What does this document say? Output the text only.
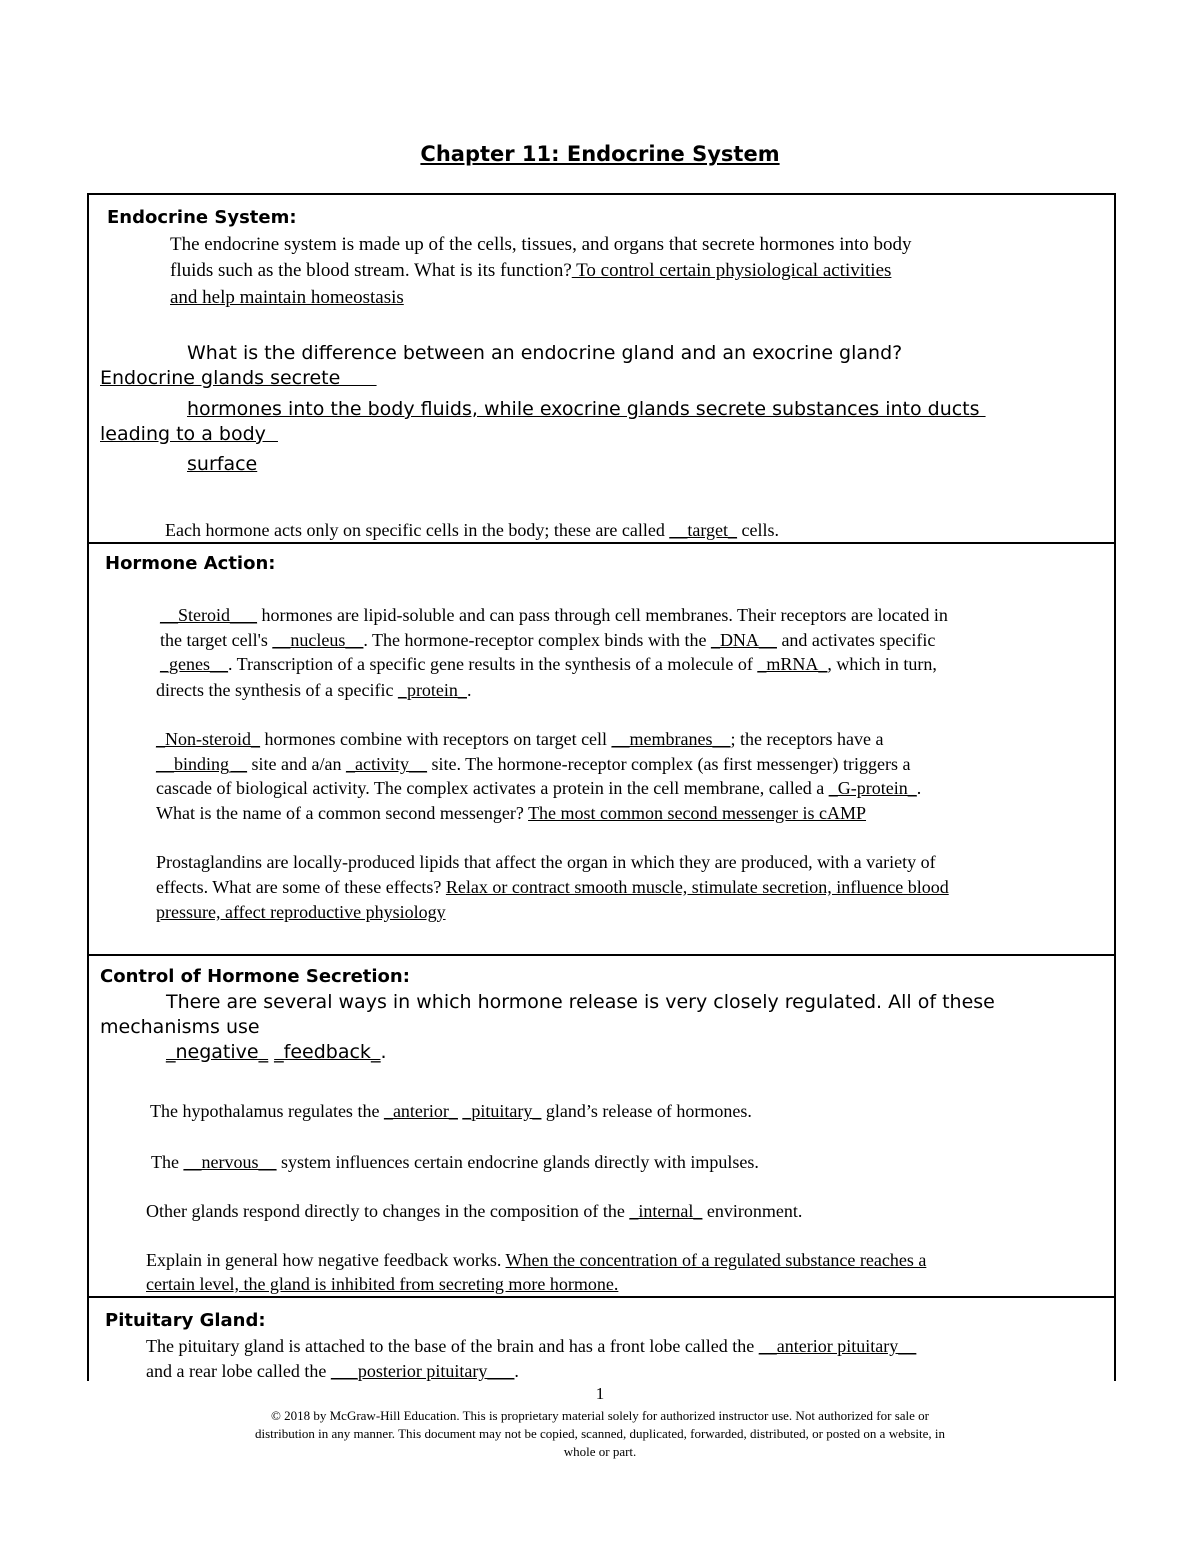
Chapter 11: Endocrine System
Endocrine System:
The endocrine system is made up of the cells, tissues, and organs that secrete hormones into body
fluids such as the blood stream. What is its function? To control certain physiological activities
and help maintain homeostasis
What is the difference between an endocrine gland and an exocrine gland?
Endocrine glands secrete
hormones into the body fluids, while exocrine glands secrete substances into ducts
leading to a body
surface
Each hormone acts only on specific cells in the body; these are called __target_ cells.
Hormone Action:
__Steroid___ hormones are lipid-soluble and can pass through cell membranes. Their receptors are located in
the target cell's __nucleus__. The hormone-receptor complex binds with the _DNA__ and activates specific
_genes__. Transcription of a specific gene results in the synthesis of a molecule of _mRNA_, which in turn,
directs the synthesis of a specific _protein_.
_Non-steroid_ hormones combine with receptors on target cell __membranes__; the receptors have a
__binding__ site and a/an _activity__ site. The hormone-receptor complex (as first messenger) triggers a
cascade of biological activity. The complex activates a protein in the cell membrane, called a _G-protein_.
What is the name of a common second messenger? The most common second messenger is cAMP
Prostaglandins are locally-produced lipids that affect the organ in which they are produced, with a variety of
effects. What are some of these effects? Relax or contract smooth muscle, stimulate secretion, influence blood
pressure, affect reproductive physiology
Control of Hormone Secretion:
There are several ways in which hormone release is very closely regulated. All of these
mechanisms use
_negative_ _feedback_.
The hypothalamus regulates the _anterior_ _pituitary_ gland’s release of hormones.
The __nervous__ system influences certain endocrine glands directly with impulses.
Other glands respond directly to changes in the composition of the _internal_ environment.
Explain in general how negative feedback works. When the concentration of a regulated substance reaches a
certain level, the gland is inhibited from secreting more hormone.
Pituitary Gland:
The pituitary gland is attached to the base of the brain and has a front lobe called the __anterior pituitary__
and a rear lobe called the ___posterior pituitary___.
1
© 2018 by McGraw-Hill Education. This is proprietary material solely for authorized instructor use. Not authorized for sale or
distribution in any manner. This document may not be copied, scanned, duplicated, forwarded, distributed, or posted on a website, in
whole or part.
